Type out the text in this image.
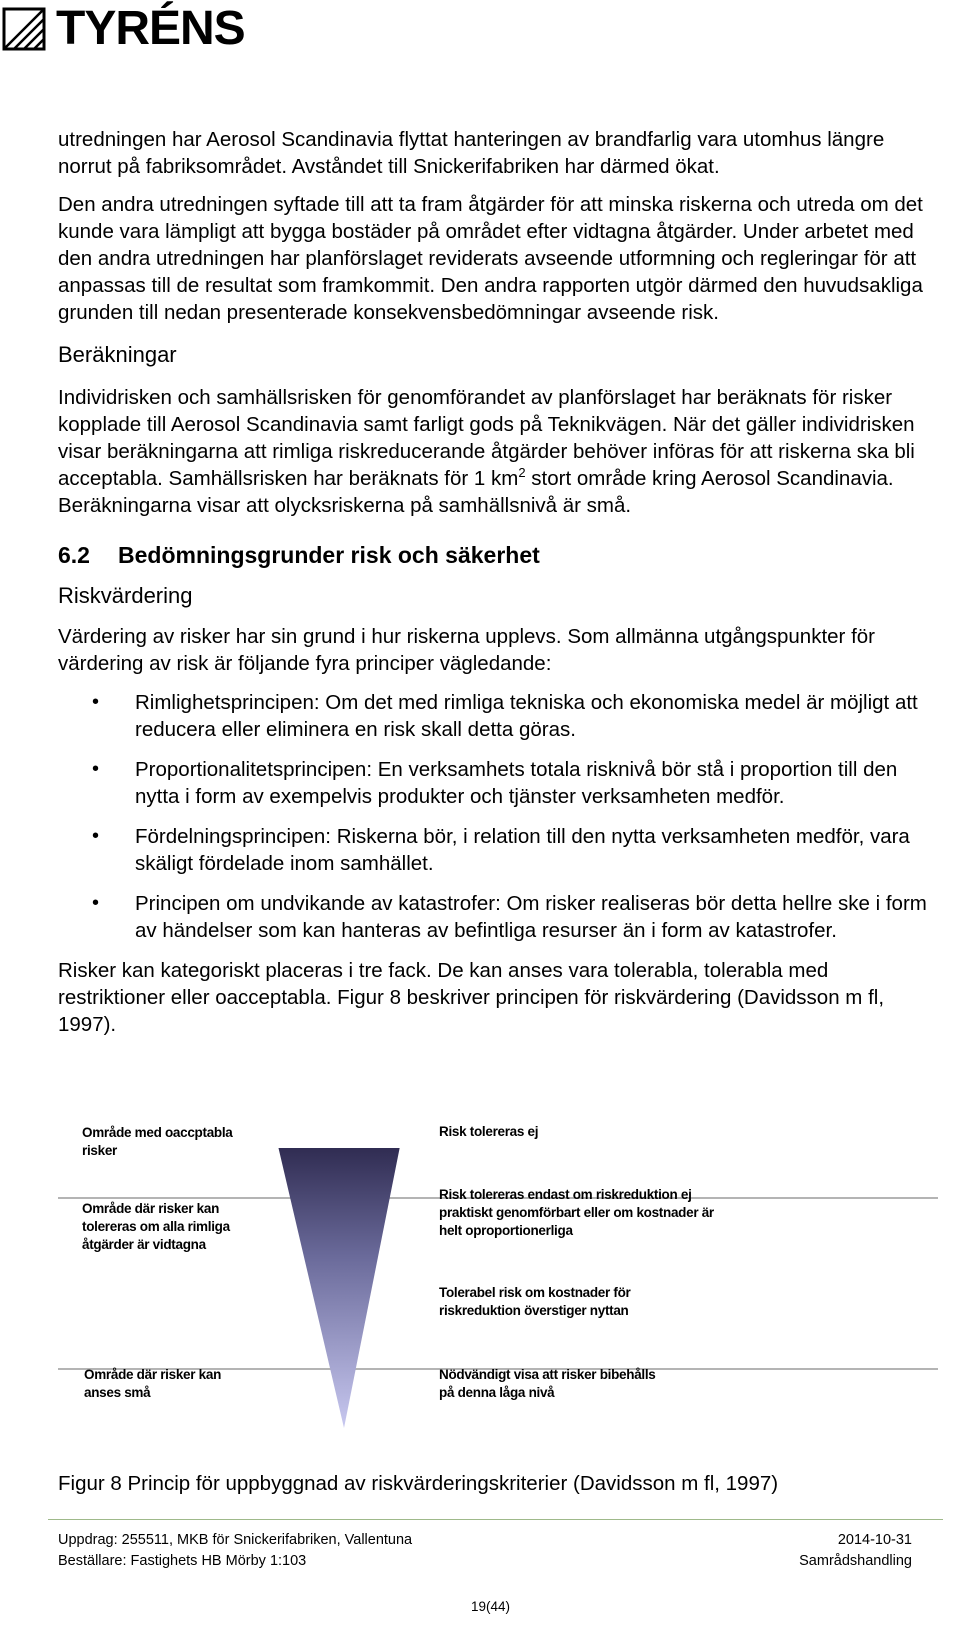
TYRÉNS

utredningen har Aerosol Scandinavia flyttat hanteringen av brandfarlig vara utomhus längre norrut på fabriksområdet. Avståndet till Snickerifabriken har därmed ökat.

Den andra utredningen syftade till att ta fram åtgärder för att minska riskerna och utreda om det kunde vara lämpligt att bygga bostäder på området efter vidtagna åtgärder. Under arbetet med den andra utredningen har planförslaget reviderats avseende utformning och regleringar för att anpassas till de resultat som framkommit. Den andra rapporten utgör därmed den huvudsakliga grunden till nedan presenterade konsekvensbedömningar avseende risk.

Beräkningar

Individrisken och samhällsrisken för genomförandet av planförslaget har beräknats för risker kopplade till Aerosol Scandinavia samt farligt gods på Teknikvägen. När det gäller individrisken visar beräkningarna att rimliga riskreducerande åtgärder behöver införas för att riskerna ska bli acceptabla. Samhällsrisken har beräknats för 1 $km^2$ stort område kring Aerosol Scandinavia. Beräkningarna visar att olycksriskerna på samhällsnivå är små.

6.2 Bedömningsgrunder risk och säkerhet
Riskvärdering

Värdering av risker har sin grund i hur riskerna upplevs. Som allmänna utgångspunkter för värdering av risk är följande fyra principer vägledande:

• Rimlighetsprincipen: Om det med rimliga tekniska och ekonomiska medel är möjligt att reducera eller eliminera en risk skall detta göras.
• Proportionalitetsprincipen: En verksamhets totala risknivå bör stå i proportion till den nytta i form av exempelvis produkter och tjänster verksamheten medför.
• Fördelningsprincipen: Riskerna bör, i relation till den nytta verksamheten medför, vara skäligt fördelade inom samhället.
• Principen om undvikande av katastrofer: Om risker realiseras bör detta hellre ske i form av händelser som kan hanteras av befintliga resurser än i form av katastrofer.

Risker kan kategoriskt placeras i tre fack. De kan anses vara tolerabla, tolerabla med restriktioner eller oacceptabla. Figur 8 beskriver principen för riskvärdering (Davidsson m fl, 1997).

Område med oaccptabla risker
Område där risker kan tolereras om alla rimliga åtgärder är vidtagna
Område där risker kan anses små
Risk tolereras ej
Risk tolereras endast om riskreduktion ej praktiskt genomförbart eller om kostnader är helt oproportionerliga
Tolerabel risk om kostnader för riskreduktion överstiger nyttan
Nödvändigt visa att risker bibehålls på denna låga nivå
Figur 8 Princip för uppbyggnad av riskvärderingskriterier (Davidsson m fl, 1997)
Uppdrag: 255511, MKB för Snickerifabriken, Vallentuna
Beställare: Fastighets HB Mörby 1:103
2014-10-31
Samrådshandling
19(44)
